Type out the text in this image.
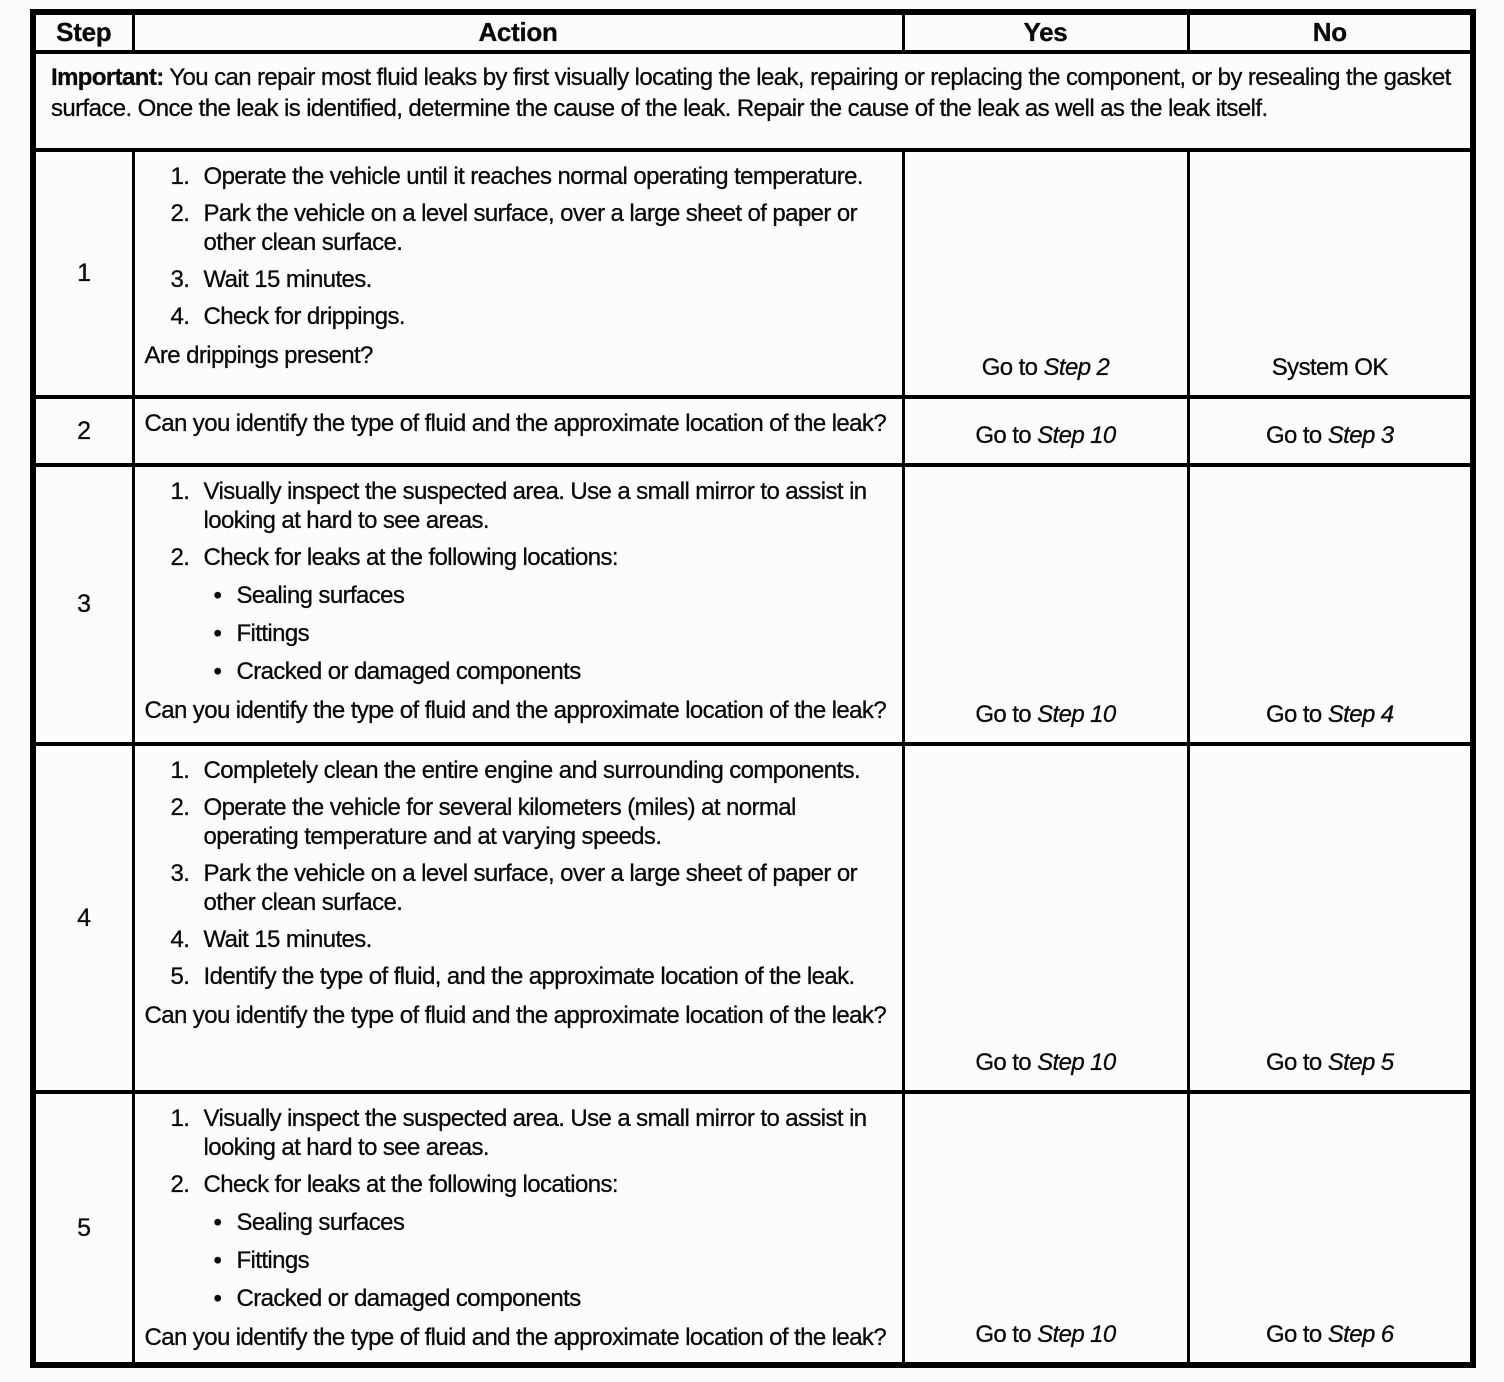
Step	Action	Yes	No
Important: You can repair most fluid leaks by first visually locating the leak, repairing or replacing the component, or by resealing the gasket surface. Once the leak is identified, determine the cause of the leak. Repair the cause of the leak as well as the leak itself.			
1	
1. Operate the vehicle until it reaches normal operating temperature.
2. Park the vehicle on a level surface, over a large sheet of paper or other clean surface.
3. Wait 15 minutes.
4. Check for drippings.
Are drippings present?	Go to Step 2	System OK
2	Can you identify the type of fluid and the approximate location of the leak?	Go to Step 10	Go to Step 3
3	
1. Visually inspect the suspected area. Use a small mirror to assist in looking at hard to see areas.
2. Check for leaks at the following locations:
• Sealing surfaces
• Fittings
• Cracked or damaged components
Can you identify the type of fluid and the approximate location of the leak?	Go to Step 10	Go to Step 4
4	
1. Completely clean the entire engine and surrounding components.
2. Operate the vehicle for several kilometers (miles) at normal operating temperature and at varying speeds.
3. Park the vehicle on a level surface, over a large sheet of paper or other clean surface.
4. Wait 15 minutes.
5. Identify the type of fluid, and the approximate location of the leak.
Can you identify the type of fluid and the approximate location of the leak?
	Go to Step 10	Go to Step 5
5	
1. Visually inspect the suspected area. Use a small mirror to assist in looking at hard to see areas.
2. Check for leaks at the following locations:
• Sealing surfaces
• Fittings
• Cracked or damaged components
Can you identify the type of fluid and the approximate location of the leak?	Go to Step 10	Go to Step 6
